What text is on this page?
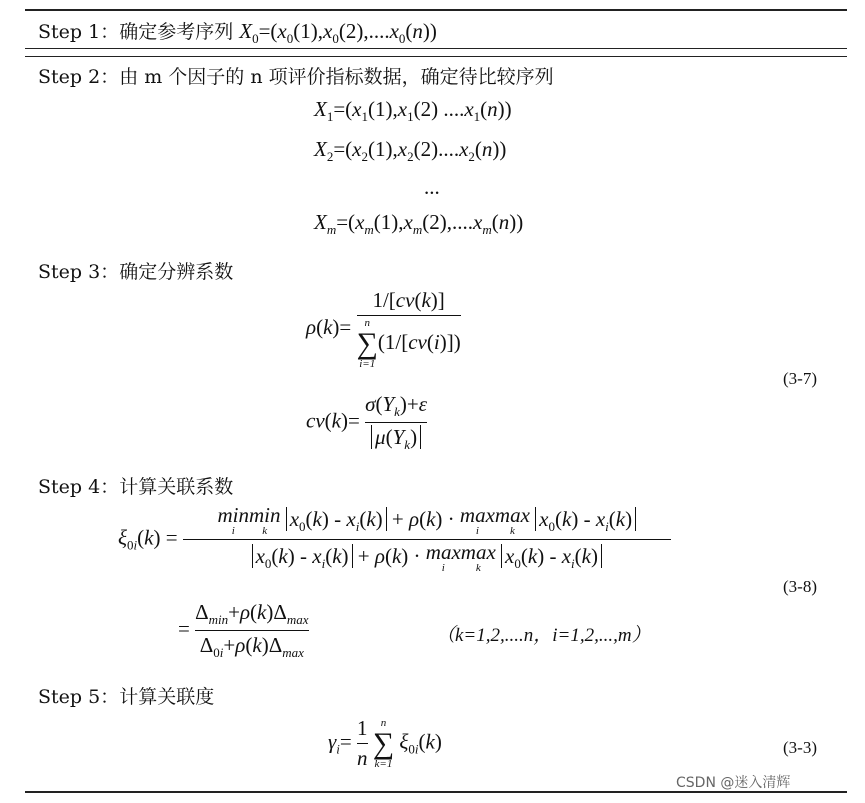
Step 1：确定参考序列 $X_0=(x_0(1),x_0(2),....x_0(n))$
Step 2：由 m 个因子的 n 项评价指标数据，确定待比较序列
$X_1=(x_1(1),x_1(2)$ $....x_1(n)$)
$X_2=(x_2(1),x_2(2)....x_2(n))$
...
$X_m=(x_m(1),x_m(2),....x_m(n))$
Step 3：确定分辨系数
ρ(k)= 1/[cv(k)]
n
∑
i=1
(1/[cv(i)])
$cv(k)= \frac{\sigma(Y_k)+\varepsilon}{\mu(Y_k)}$
(3-7)
Step 4：计算关联系数
$\xi_{0i}(k)$ =
min
i
min
k
$x_0(k) - x_i(k) + \rho(k) \cdot \max$
i
max
k
$x_0(k) - x_i(k)$
$x_0(k) - x_i(k) + \rho(k) \cdot \max$
i
max
k
$x_0(k) - x_i(k)$
= $\frac{\Delta_{min}+\rho(k)\Delta_{max}}{\Delta_{0i}+\rho(k)\Delta_{max}}$	（k=1,2,....n，i=1,2,...,m）
(3-8)
Step 5：计算关联度
$\gamma_i= \frac{1}{n}$
	n
∑
k=1
$\xi_{0i}(k)$	(3-3)
CSDN @迷入清辉
